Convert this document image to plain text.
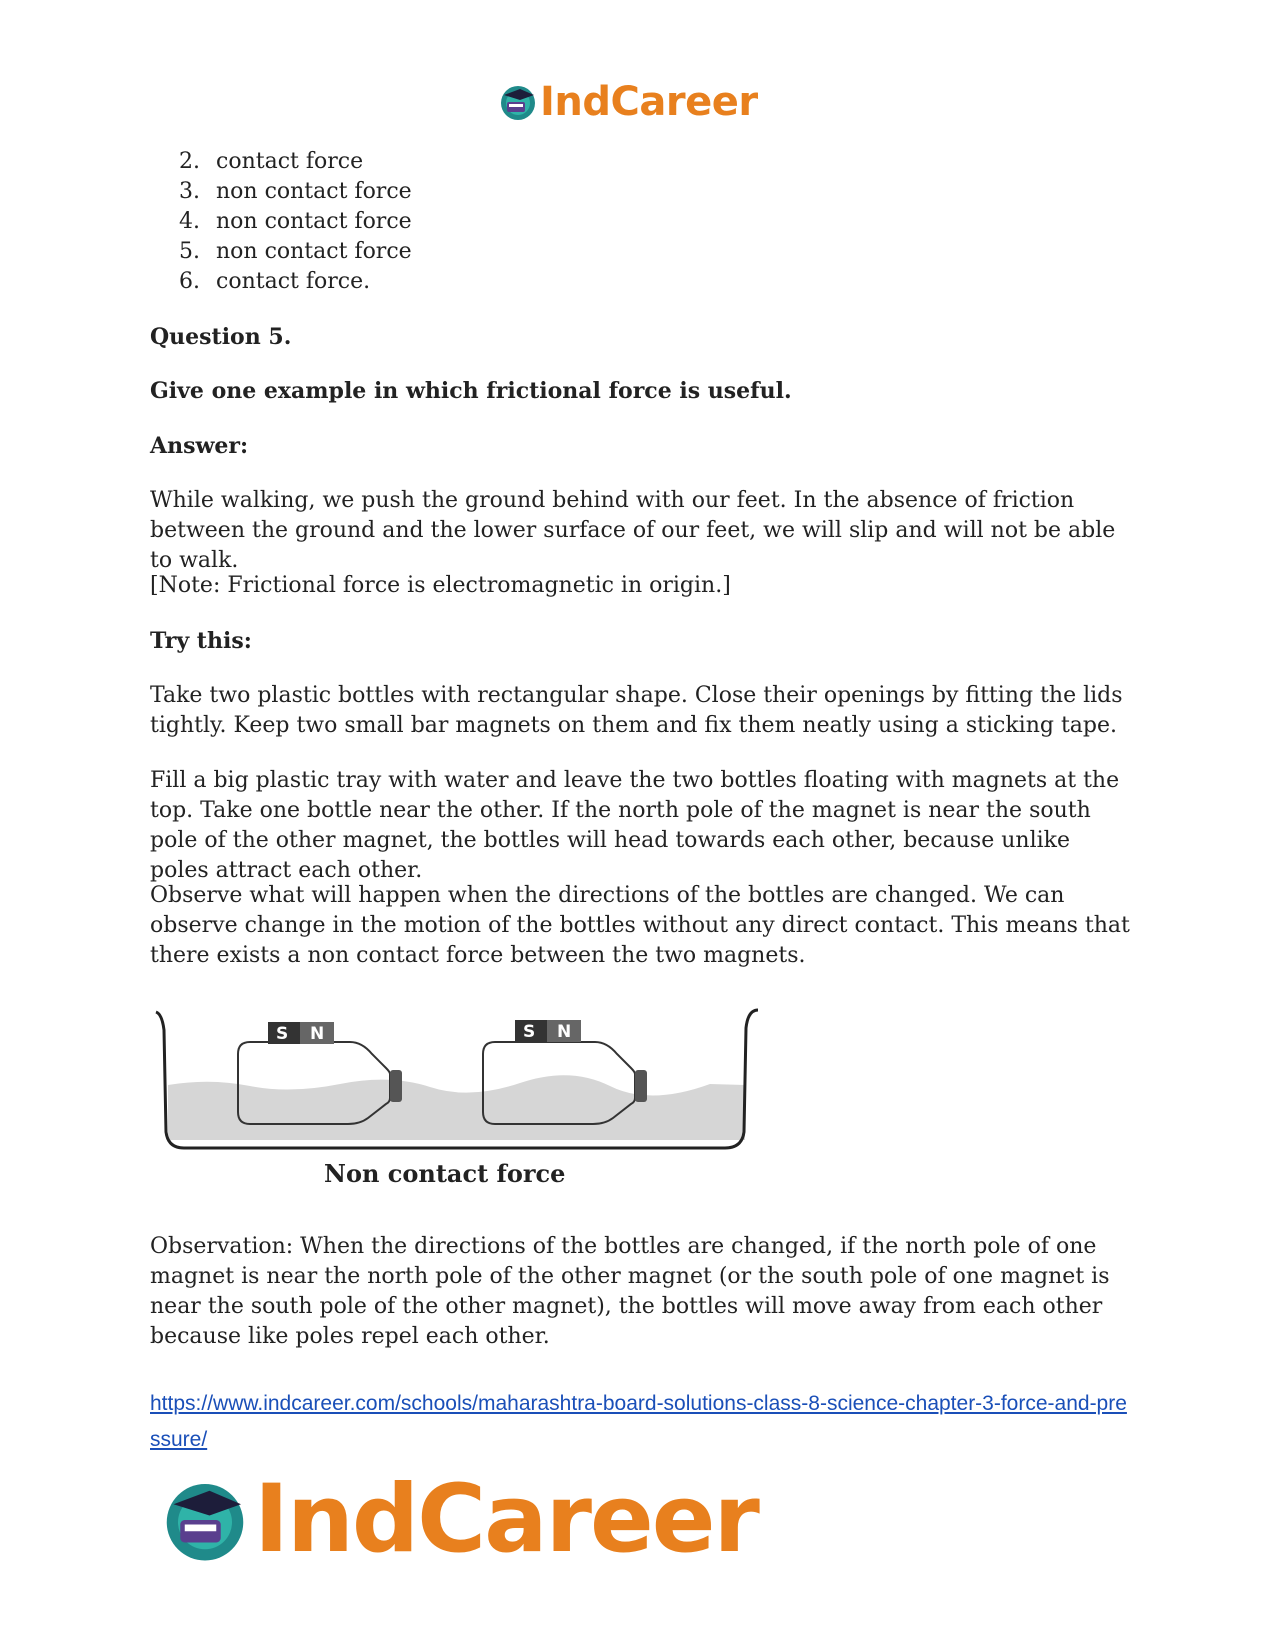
IndCareer
2. contact force
3. non contact force
4. non contact force
5. non contact force
6. contact force.

Question 5.

Give one example in which frictional force is useful.

Answer:

While walking, we push the ground behind with our feet. In the absence of friction between the ground and the lower surface of our feet, we will slip and will not be able to walk.

[Note: Frictional force is electromagnetic in origin.]

Try this:

Take two plastic bottles with rectangular shape. Close their openings by fitting the lids tightly. Keep two small bar magnets on them and fix them neatly using a sticking tape.

Fill a big plastic tray with water and leave the two bottles floating with magnets at the top. Take one bottle near the other. If the north pole of the magnet is near the south pole of the other magnet, the bottles will head towards each other, because unlike poles attract each other.

Observe what will happen when the directions of the bottles are changed. We can observe change in the motion of the bottles without any direct contact. This means that there exists a non contact force between the two magnets.

S N	S N
Non contact force

Observation: When the directions of the bottles are changed, if the north pole of one magnet is near the north pole of the other magnet (or the south pole of one magnet is near the south pole of the other magnet), the bottles will move away from each other because like poles repel each other.

https://www.indcareer.com/schools/maharashtra-board-solutions-class-8-science-chapter-3-force-and-pressure/
IndCareer
